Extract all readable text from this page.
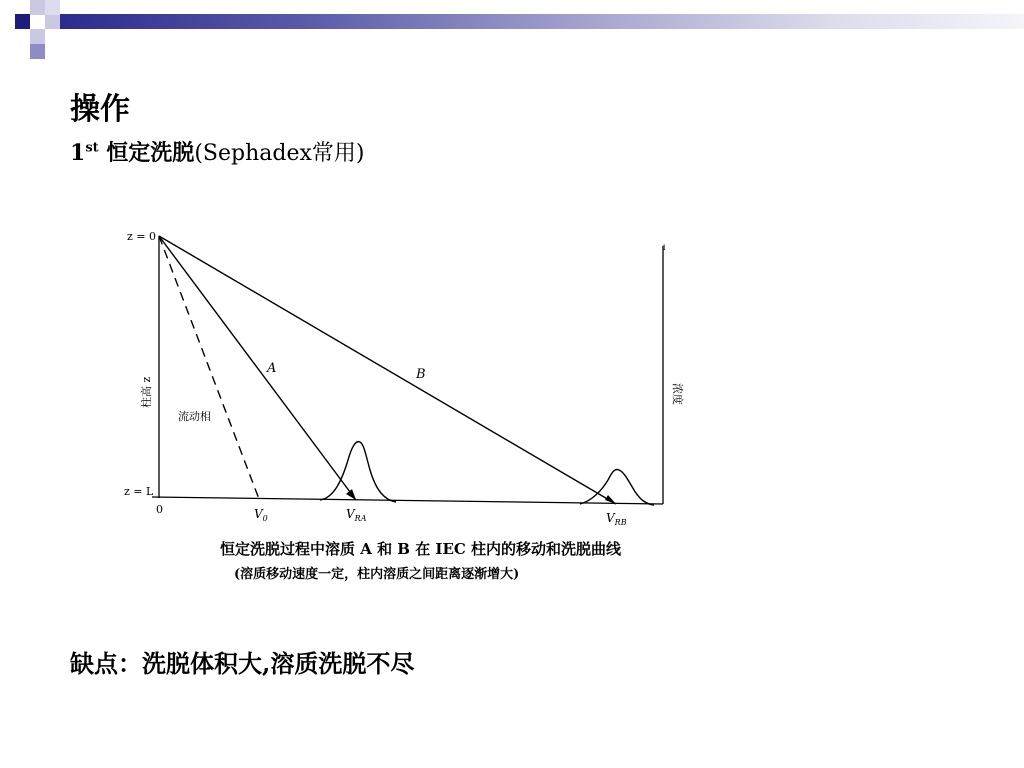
操作
1st 恒定洗脱(Sephadex常用)
z = 0
z = L
0
1
柱高 z	浓度
流动相
A	B
$V_0$	$V_{RA}$	$V_{RB}$
恒定洗脱过程中溶质 A 和 B 在 IEC 柱内的移动和洗脱曲线
(溶质移动速度一定，柱内溶质之间距离逐渐增大)
缺点：洗脱体积大,溶质洗脱不尽
